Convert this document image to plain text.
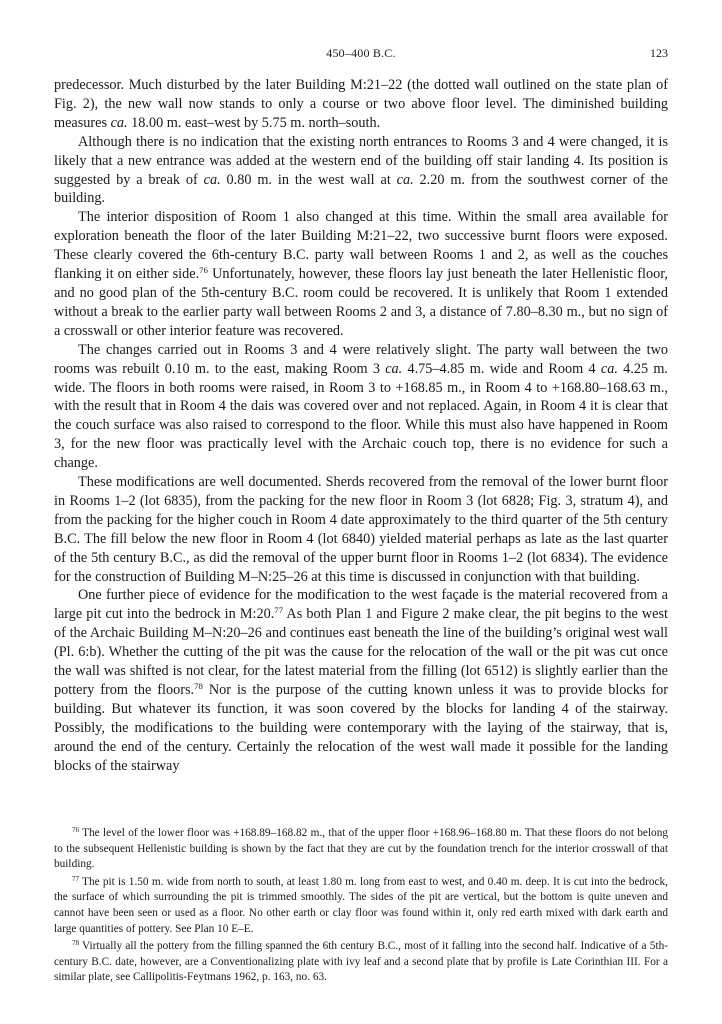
450–400 B.C.	123

predecessor. Much disturbed by the later Building M:21–22 (the dotted wall outlined on the state plan of Fig. 2), the new wall now stands to only a course or two above floor level. The diminished building measures ca. 18.00 m. east–west by 5.75 m. north–south.

Although there is no indication that the existing north entrances to Rooms 3 and 4 were changed, it is likely that a new entrance was added at the western end of the building off stair landing 4. Its position is suggested by a break of ca. 0.80 m. in the west wall at ca. 2.20 m. from the southwest corner of the building.

The interior disposition of Room 1 also changed at this time. Within the small area available for exploration beneath the floor of the later Building M:21–22, two successive burnt floors were exposed. These clearly covered the 6th-century B.C. party wall between Rooms 1 and 2, as well as the couches flanking it on either side.$^{76}$ Unfortunately, however, these floors lay just beneath the later Hellenistic floor, and no good plan of the 5th-century B.C. room could be recovered. It is unlikely that Room 1 extended without a break to the earlier party wall between Rooms 2 and 3, a distance of 7.80–8.30 m., but no sign of a crosswall or other interior feature was recovered.

The changes carried out in Rooms 3 and 4 were relatively slight. The party wall between the two rooms was rebuilt 0.10 m. to the east, making Room 3 ca. 4.75–4.85 m. wide and Room 4 ca. 4.25 m. wide. The floors in both rooms were raised, in Room 3 to +168.85 m., in Room 4 to +168.80–168.63 m., with the result that in Room 4 the dais was covered over and not replaced. Again, in Room 4 it is clear that the couch surface was also raised to correspond to the floor. While this must also have happened in Room 3, for the new floor was practically level with the Archaic couch top, there is no evidence for such a change.

These modifications are well documented. Sherds recovered from the removal of the lower burnt floor in Rooms 1–2 (lot 6835), from the packing for the new floor in Room 3 (lot 6828; Fig. 3, stratum 4), and from the packing for the higher couch in Room 4 date approximately to the third quarter of the 5th century B.C. The fill below the new floor in Room 4 (lot 6840) yielded material perhaps as late as the last quarter of the 5th century B.C., as did the removal of the upper burnt floor in Rooms 1–2 (lot 6834). The evidence for the construction of Building M–N:25–26 at this time is discussed in conjunction with that building.

One further piece of evidence for the modification to the west façade is the material recovered from a large pit cut into the bedrock in M:20.77 As both Plan 1 and Figure 2 make clear, the pit begins to the west of the Archaic Building M–N:20–26 and continues east beneath the line of the building’s original west wall (Pl. 6:b). Whether the cutting of the pit was the cause for the relocation of the wall or the pit was cut once the wall was shifted is not clear, for the latest material from the filling (lot 6512) is slightly earlier than the pottery from the floors.$^{78}$ Nor is the purpose of the cutting known unless it was to provide blocks for building. But whatever its function, it was soon covered by the blocks for landing 4 of the stairway. Possibly, the modifications to the building were contemporary with the laying of the stairway, that is, around the end of the century. Certainly the relocation of the west wall made it possible for the landing blocks of the stairway

$^{76}$ The level of the lower floor was +168.89–168.82 m., that of the upper floor +168.96–168.80 m. That these floors do not belong to the subsequent Hellenistic building is shown by the fact that they are cut by the foundation trench for the interior crosswall of that building.

$^{77}$ The pit is 1.50 m. wide from north to south, at least 1.80 m. long from east to west, and 0.40 m. deep. It is cut into the bedrock, the surface of which surrounding the pit is trimmed smoothly. The sides of the pit are vertical, but the bottom is quite uneven and cannot have been seen or used as a floor. No other earth or clay floor was found within it, only red earth mixed with dark earth and large quantities of pottery. See Plan 10 E–E.

$^{78}$ Virtually all the pottery from the filling spanned the 6th century B.C., most of it falling into the second half. Indicative of a 5th-century B.C. date, however, are a Conventionalizing plate with ivy leaf and a second plate that by profile is Late Corinthian III. For a similar plate, see Callipolitis-Feytmans 1962, p. 163, no. 63.
